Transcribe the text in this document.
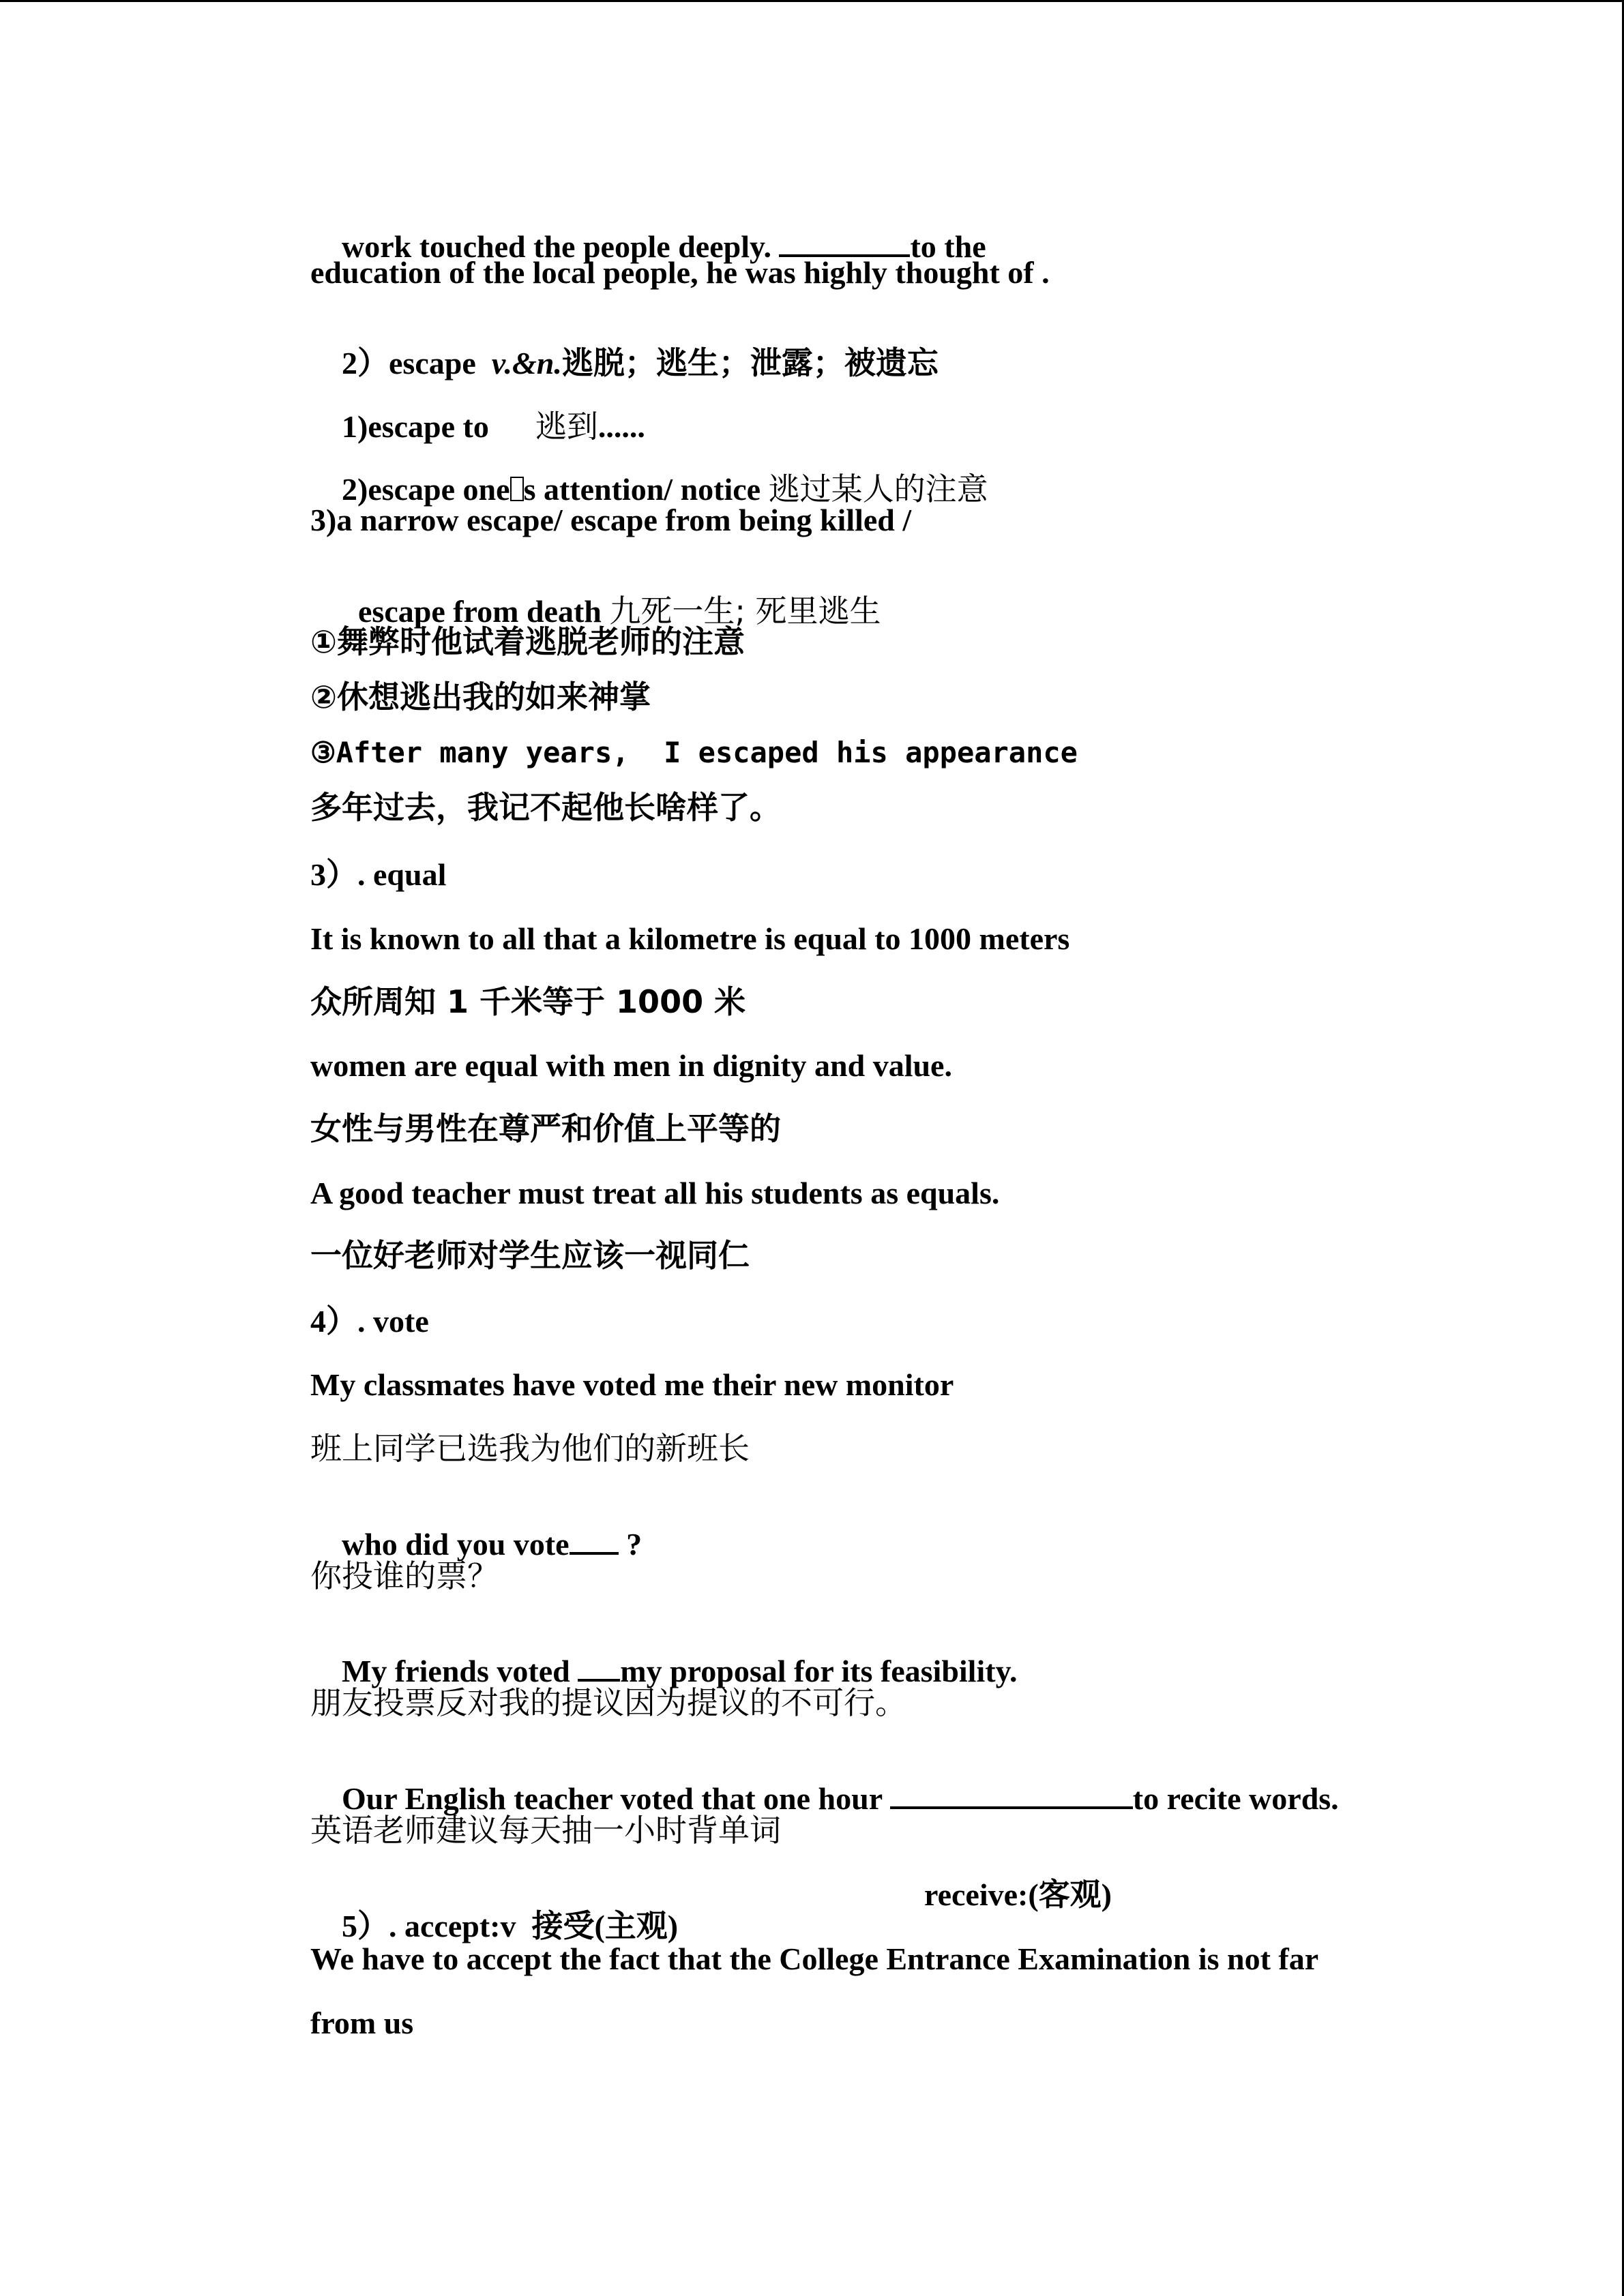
work touched the people deeply.	to the

education of the local people, he was highly thought of .

2）escape  v.&n.逃脱；逃生；泄露；被遗忘

1)escape to 逃到......

2)escape one s attention/ notice 逃过某人的注意

3)a narrow escape/ escape from being killed /

escape from death 九死一生; 死里逃生

①舞弊时他试着逃脱老师的注意
②休想逃出我的如来神掌
③After many years,  I escaped his appearance
多年过去，我记不起他长啥样了。
3）. equal
It is known to all that a kilometre is equal to 1000 meters
众所周知 1 千米等于 1000 米
women are equal with men in dignity and value.
女性与男性在尊严和价值上平等的
A good teacher must treat all his students as equals.
一位好老师对学生应该一视同仁
4）. vote
My classmates have voted me their new monitor
班上同学已选我为他们的新班长

who did you vote ?

你投谁的票？

My friends voted my proposal for its feasibility.

朋友投票反对我的提议因为提议的不可行。

Our English teacher voted that one hour	to recite words.

英语老师建议每天抽一小时背单词

5）. accept:v  接受(主观)

receive:(客观)

We have to accept the fact that the College Entrance Examination is not far
from us
